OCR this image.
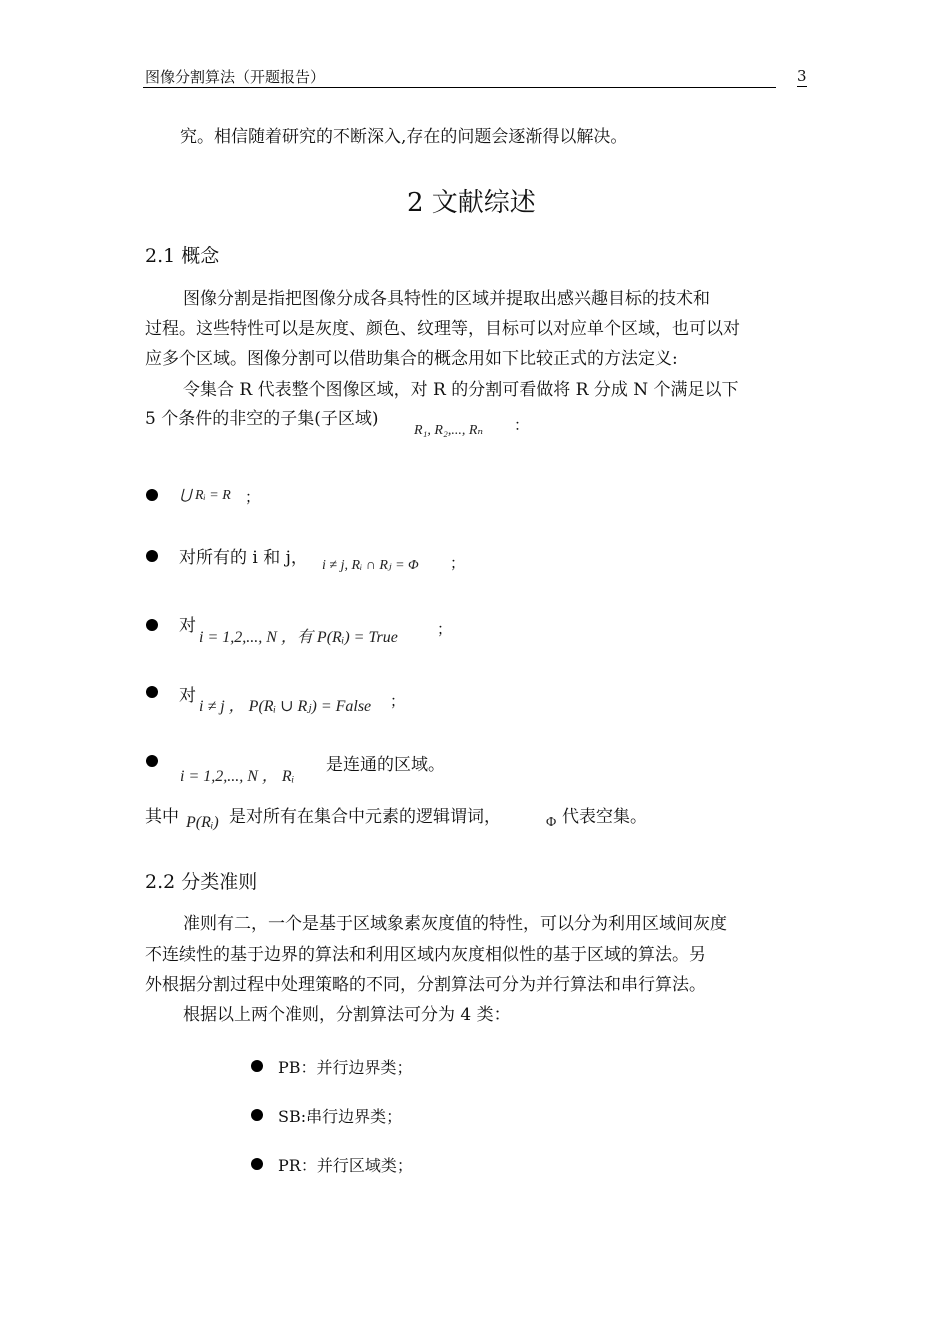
图像分割算法（开题报告）	3
究。相信随着研究的不断深入,存在的问题会逐渐得以解决。
2 文献综述
2.1 概念
图像分割是指把图像分成各具特性的区域并提取出感兴趣目标的技术和
过程。这些特性可以是灰度、颜色、纹理等，目标可以对应单个区域，也可以对
应多个区域。图像分割可以借助集合的概念用如下比较正式的方法定义:
令集合 R 代表整个图像区域，对 R 的分割可看做将 R 分成 N 个满足以下
5 个条件的非空的子集(子区域)
R₁, R₂,..., Rₙ ：
⋃ Rᵢ = R ；
对所有的 i 和 j， i ≠ j, Rᵢ ∩ Rⱼ = Φ ；
对
i = 1,2,..., N ，有 P(Rᵢ) = True	；
对
i ≠ j ， P(Rᵢ ∪ Rⱼ) = False ；
i = 1,2,..., N ， Rᵢ
是连通的区域。
其中 P(Rᵢ) 是对所有在集合中元素的逻辑谓词，	Φ 代表空集。
2.2 分类准则
准则有二，一个是基于区域象素灰度值的特性，可以分为利用区域间灰度
不连续性的基于边界的算法和利用区域内灰度相似性的基于区域的算法。另
外根据分割过程中处理策略的不同，分割算法可分为并行算法和串行算法。
根据以上两个准则，分割算法可分为 4 类：
PB：并行边界类；
SB:串行边界类；
PR：并行区域类；
